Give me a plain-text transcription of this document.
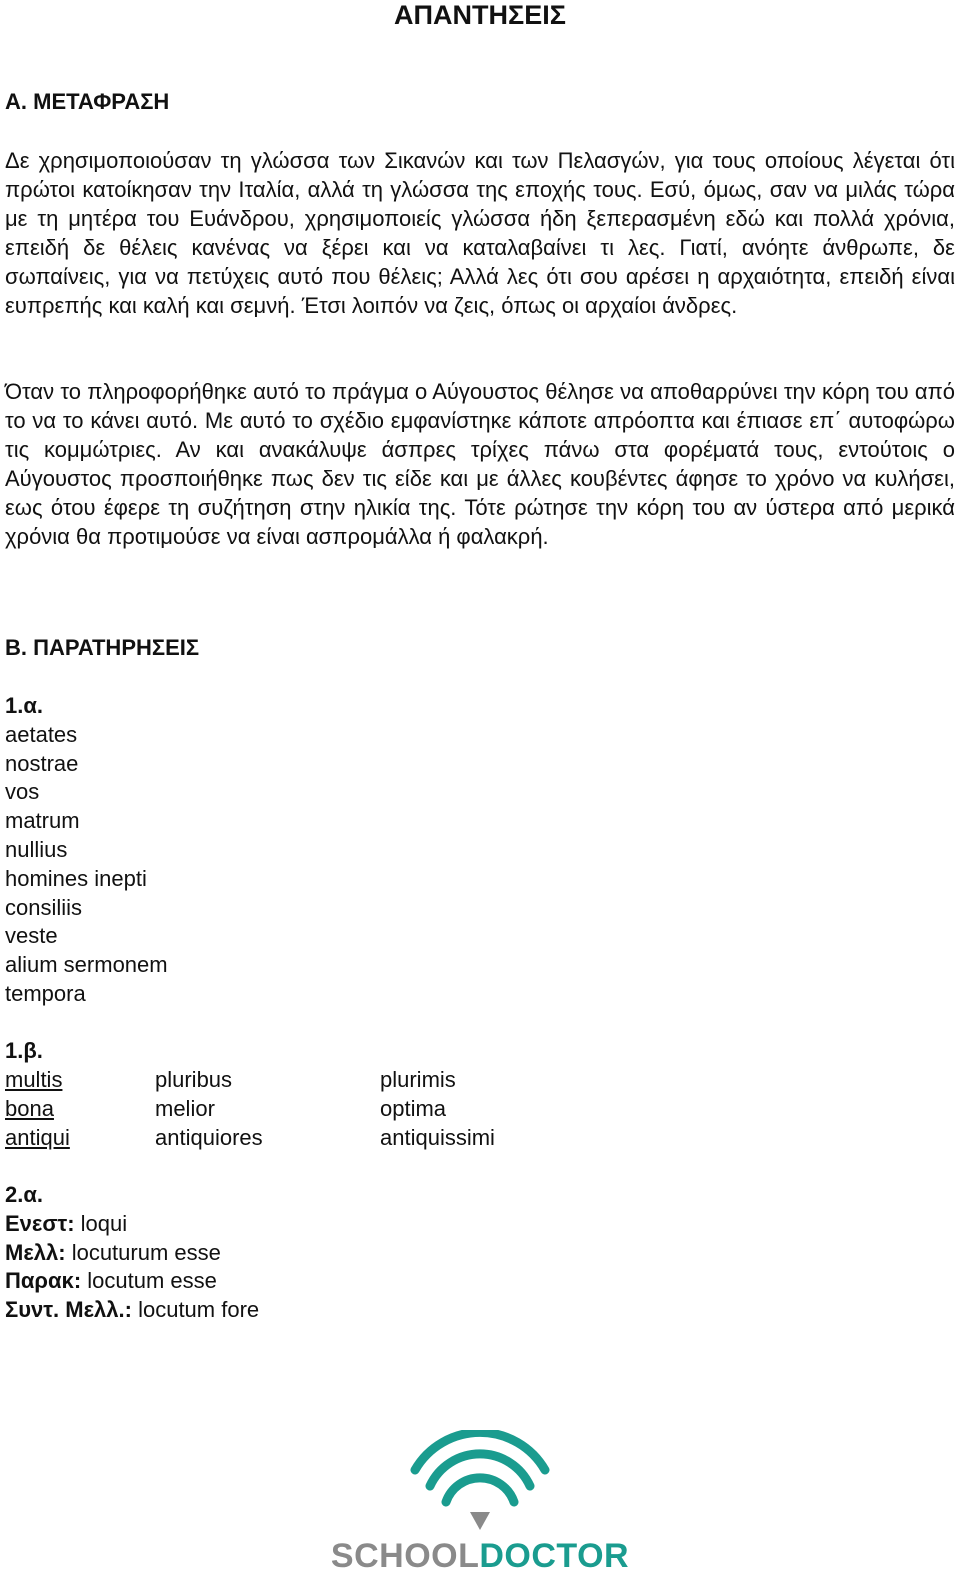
ΑΠΑΝΤΗΣΕΙΣ
Α. ΜΕΤΑΦΡΑΣΗ

Δε χρησιμοποιούσαν τη γλώσσα των Σικανών και των Πελασγών, για τους οποίους λέγεται ότι πρώτοι κατοίκησαν την Ιταλία, αλλά τη γλώσσα της εποχής τους. Εσύ, όμως, σαν να μιλάς τώρα με τη μητέρα του Ευάνδρου, χρησιμοποιείς γλώσσα ήδη ξεπερασμένη εδώ και πολλά χρόνια, επειδή δε θέλεις κανένας να ξέρει και να καταλαβαίνει τι λες. Γιατί, ανόητε άνθρωπε, δε σωπαίνεις, για να πετύχεις αυτό που θέλεις; Αλλά λες ότι σου αρέσει η αρχαιότητα, επειδή είναι ευπρεπής και καλή και σεμνή. Έτσι λοιπόν να ζεις, όπως οι αρχαίοι άνδρες.

Όταν το πληροφορήθηκε αυτό το πράγμα ο Αύγουστος θέλησε να αποθαρρύνει την κόρη του από το να το κάνει αυτό. Με αυτό το σχέδιο εμφανίστηκε κάποτε απρόοπτα και έπιασε επ΄ αυτοφώρω τις κομμώτριες. Αν και ανακάλυψε άσπρες τρίχες πάνω στα φορέματά τους, εντούτοις ο Αύγουστος προσποιήθηκε πως δεν τις είδε και με άλλες κουβέντες άφησε το χρόνο να κυλήσει, εως ότου έφερε τη συζήτηση στην ηλικία της. Τότε ρώτησε την κόρη του αν ύστερα από μερικά χρόνια θα προτιμούσε να είναι ασπρομάλλα ή φαλακρή.

Β. ΠΑΡΑΤΗΡΗΣΕΙΣ
1.α.
aetates
nostrae
vos
matrum
nullius
homines inepti
consiliis
veste
alium sermonem
tempora
1.β.
multis	pluribus	plurimis
bona	melior	optima
antiqui	antiquiores	antiquissimi
2.α.
Ενεστ: loqui
Μελλ: locuturum esse
Παρακ: locutum esse
Συντ. Μελλ.: locutum fore
SCHOOLDOCTOR
